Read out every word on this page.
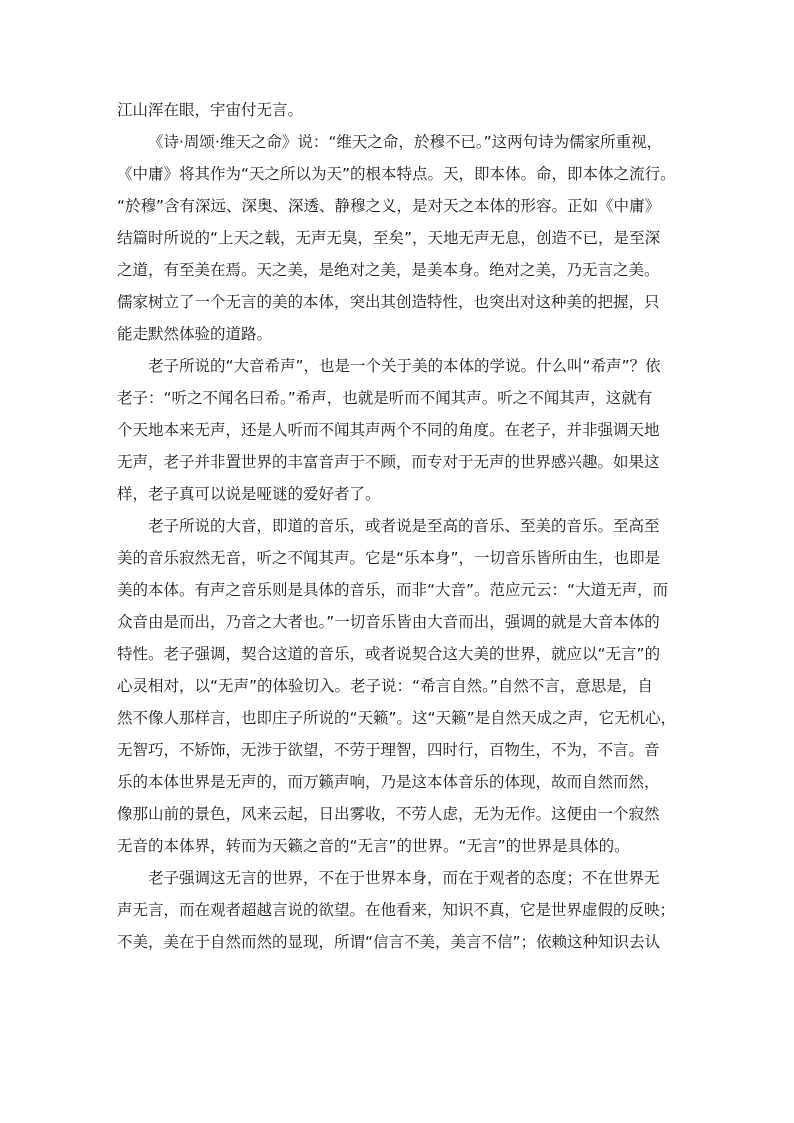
江山浑在眼，宇宙付无言。
《诗·周颂·维天之命》说：“维天之命，於穆不已。”这两句诗为儒家所重视，
《中庸》将其作为“天之所以为天”的根本特点。天，即本体。命，即本体之流行。
“於穆”含有深远、深奥、深透、静穆之义，是对天之本体的形容。正如《中庸》
结篇时所说的“上天之载，无声无臭，至矣”，天地无声无息，创造不已，是至深
之道，有至美在焉。天之美，是绝对之美，是美本身。绝对之美，乃无言之美。
儒家树立了一个无言的美的本体，突出其创造特性，也突出对这种美的把握，只
能走默然体验的道路。
老子所说的“大音希声”，也是一个关于美的本体的学说。什么叫“希声”？依
老子：“听之不闻名曰希。”希声，也就是听而不闻其声。听之不闻其声，这就有
个天地本来无声，还是人听而不闻其声两个不同的角度。在老子，并非强调天地
无声，老子并非置世界的丰富音声于不顾，而专对于无声的世界感兴趣。如果这
样，老子真可以说是哑谜的爱好者了。
老子所说的大音，即道的音乐，或者说是至高的音乐、至美的音乐。至高至
美的音乐寂然无音，听之不闻其声。它是“乐本身”，一切音乐皆所由生，也即是
美的本体。有声之音乐则是具体的音乐，而非“大音”。范应元云：“大道无声，而
众音由是而出，乃音之大者也。”一切音乐皆由大音而出，强调的就是大音本体的
特性。老子强调，契合这道的音乐，或者说契合这大美的世界，就应以“无言”的
心灵相对，以“无声”的体验切入。老子说：“希言自然。”自然不言，意思是，自
然不像人那样言，也即庄子所说的“天籁”。这“天籁”是自然天成之声，它无机心，
无智巧，不矫饰，无涉于欲望，不劳于理智，四时行，百物生，不为，不言。音
乐的本体世界是无声的，而万籁声响，乃是这本体音乐的体现，故而自然而然，
像那山前的景色，风来云起，日出雾收，不劳人虑，无为无作。这便由一个寂然
无音的本体界，转而为天籁之音的“无言”的世界。“无言”的世界是具体的。
老子强调这无言的世界，不在于世界本身，而在于观者的态度；不在世界无
声无言，而在观者超越言说的欲望。在他看来，知识不真，它是世界虚假的反映；
不美，美在于自然而然的显现，所谓“信言不美，美言不信”；依赖这种知识去认
